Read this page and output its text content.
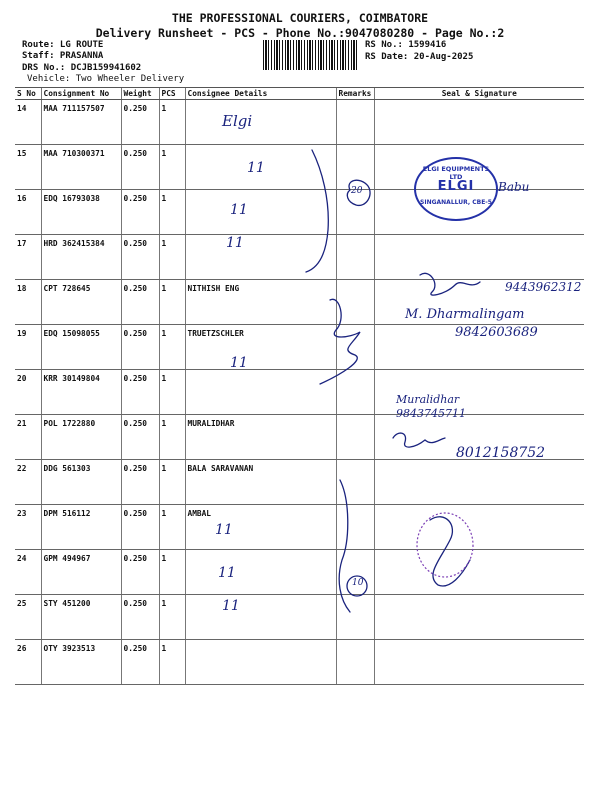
THE PROFESSIONAL COURIERS, COIMBATORE
Delivery Runsheet - PCS - Phone No.:9047080280 - Page No.:2
Route: LG ROUTE
Staff: PRASANNA
DRS No.: DCJB159941602
Vehicle: Two Wheeler Delivery
RS No.: 1599416
RS Date: 20-Aug-2025
S No	Consignment No	Weight	PCS	Consignee Details	Remarks	Seal & Signature
14	MAA 711157507	0.250	1			
15	MAA 710300371	0.250	1			
16	EDQ 16793038	0.250	1			
17	HRD 362415384	0.250	1			
18	CPT 728645	0.250	1	NITHISH ENG		
19	EDQ 15098055	0.250	1	TRUETZSCHLER		
20	KRR 30149804	0.250	1			
21	POL 1722880	0.250	1	MURALIDHAR		
22	DDG 561303	0.250	1	BALA SARAVANAN		
23	DPM 516112	0.250	1	AMBAL		
24	GPM 494967	0.250	1			
25	STY 451200	0.250	1			
26	OTY 3923513	0.250	1			
ELGI EQUIPMENTS LTD
ELGI
SINGANALLUR, CBE-5
Elgi
11
11
11
11
11
11
11
20
10
Babu
9443962312
M. Dharmalingam
9842603689
Muralidhar
9843745711
8012158752
